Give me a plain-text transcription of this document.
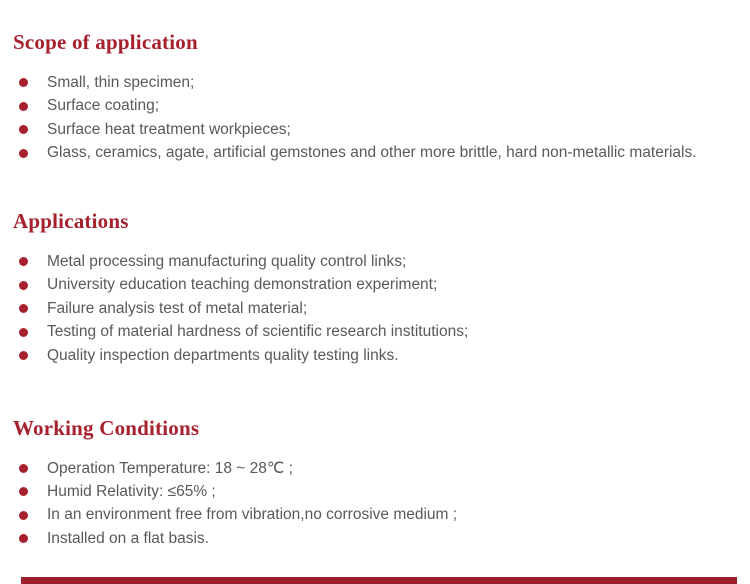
Scope of application
Small, thin specimen;
Surface coating;
Surface heat treatment workpieces;
Glass, ceramics, agate, artificial gemstones and other more brittle, hard non-metallic materials.
Applications
Metal processing manufacturing quality control links;
University education teaching demonstration experiment;
Failure analysis test of metal material;
Testing of material hardness of scientific research institutions;
Quality inspection departments quality testing links.
Working Conditions
Operation Temperature: 18 ~ 28℃ ;
Humid Relativity: ≤65% ;
In an environment free from vibration,no corrosive medium ;
Installed on a flat basis.
